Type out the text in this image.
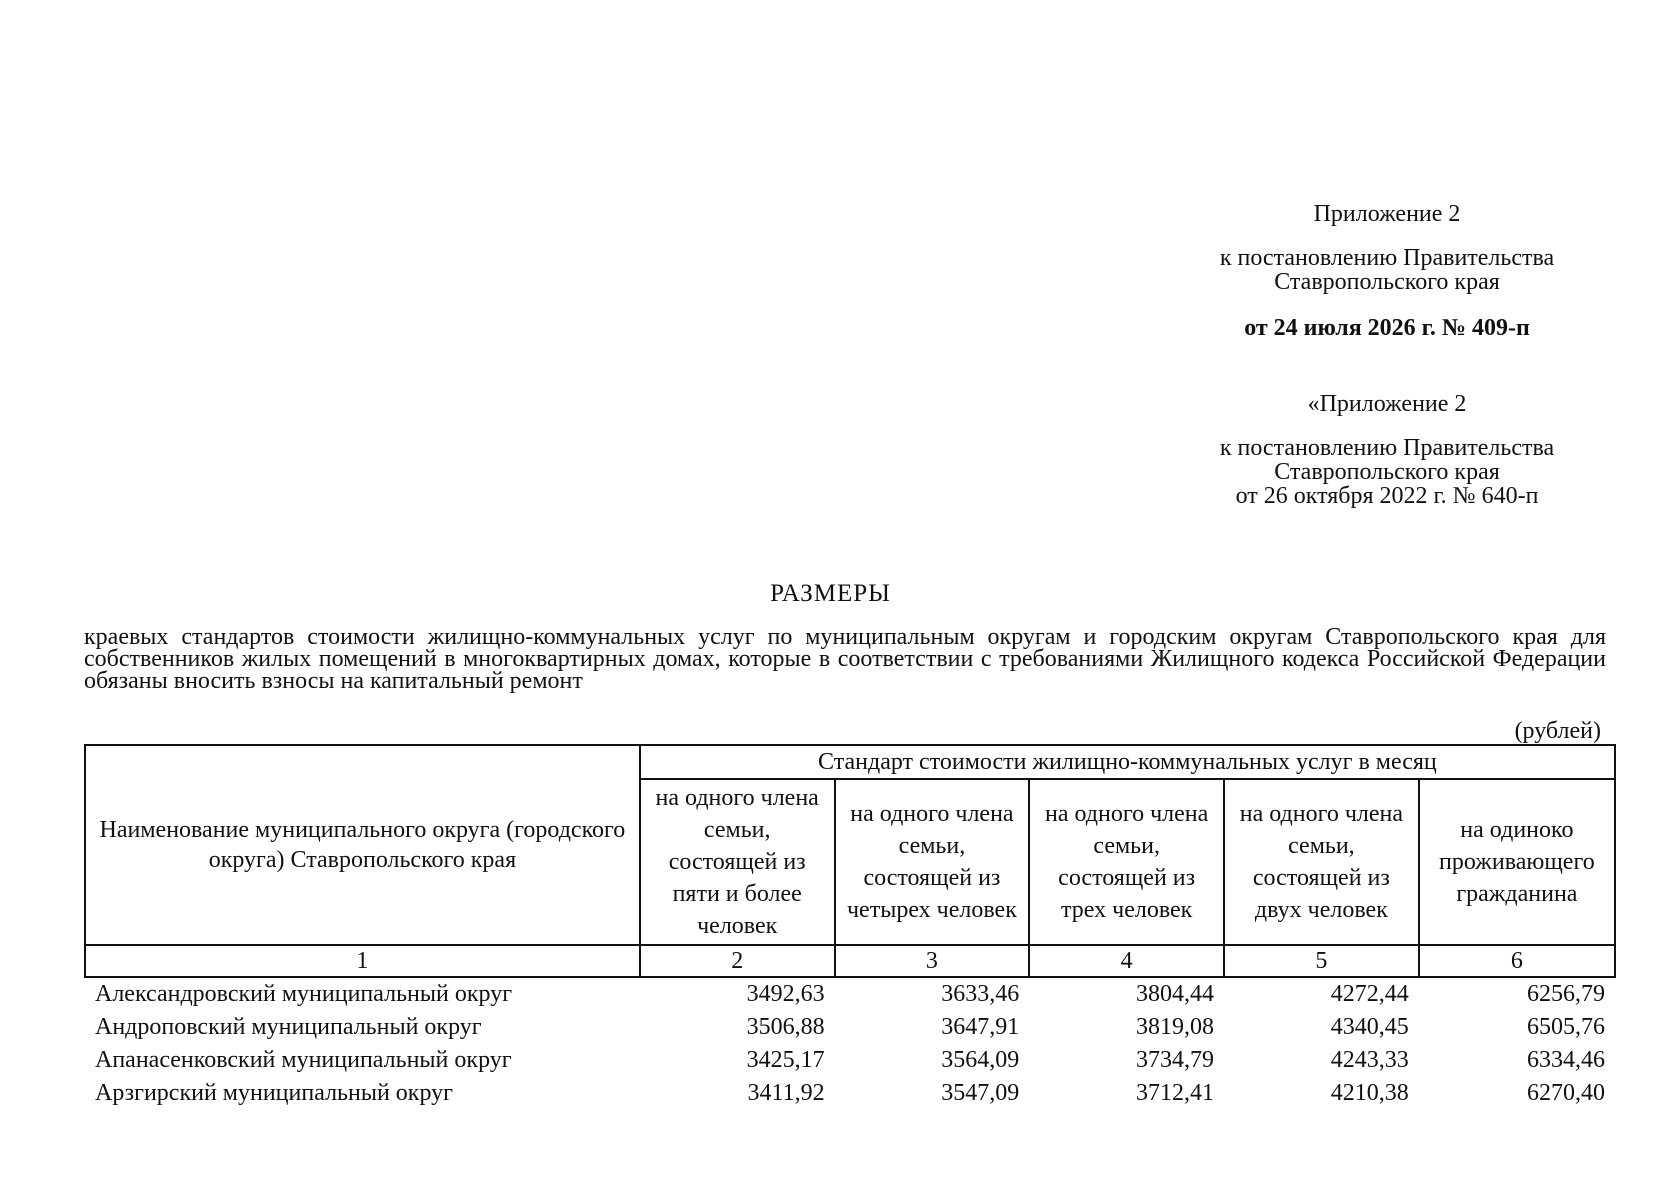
Приложение 2

к постановлению Правительства

Ставропольского края

от 24 июля 2026 г. № 409-п

«Приложение 2

к постановлению Правительства

Ставропольского края

от 26 октября 2022 г. № 640-п

РАЗМЕРЫ
краевых стандартов стоимости жилищно-коммунальных услуг по муниципальным округам и городским округам Ставропольского края для собственников жилых помещений в многоквартирных домах, которые в соответствии с требованиями Жилищного кодекса Российской Федерации обязаны вносить взносы на капитальный ремонт
(рублей)
Наименование муниципального округа (городского округа) Ставропольского края	Стандарт стоимости жилищно-коммунальных услуг в месяц				
	на одного члена семьи, состоящей из пяти и более человек	на одного члена семьи, состоящей из четырех человек	на одного члена семьи, состоящей из трех человек	на одного члена семьи, состоящей из двух человек	на одиноко проживающего гражданина
1	2	3	4	5	6
Александровский муниципальный округ	3492,63	3633,46	3804,44	4272,44	6256,79
Андроповский муниципальный округ	3506,88	3647,91	3819,08	4340,45	6505,76
Апанасенковский муниципальный округ	3425,17	3564,09	3734,79	4243,33	6334,46
Арзгирский муниципальный округ	3411,92	3547,09	3712,41	4210,38	6270,40
